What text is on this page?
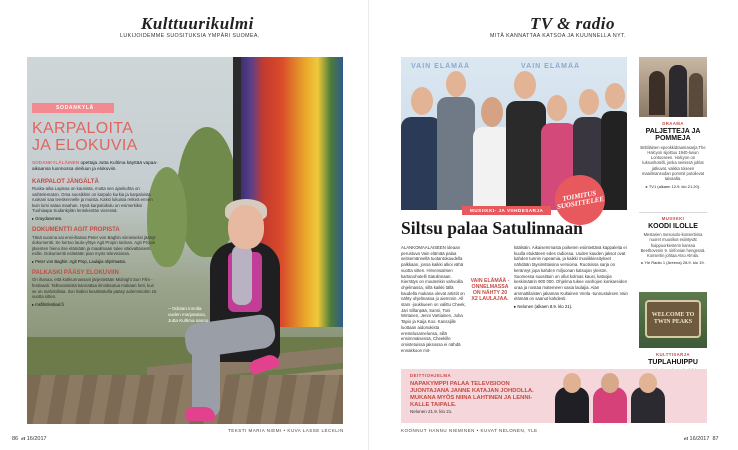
Kulttuurikulmi
LUKIJOIDEMME SUOSITUKSIA YMPÄRI SUOMEA.
SODANKYLÄ
KARPALOITA
JA ELOKUVIA
SODANKYLÄLÄINEN opettaja Jutta Kultima käyttää vapaa-aikaansa luonnossa oleiluun ja elokuviin.
KARPALOT JÄNGÄLTÄ
Ruska-aika Lapissa on kaunista, mutta sen ajankohta on vaihtelematon. Oma suosikkini on karpalo kurkia ja karpaloista ruokani saa teeskennelle ja muista. Kaksi lukuisia retkeä ennen kuin lumi sataa maahan. Hyvä karpaloikulu on esimerkiksi Tuohiaapa Sodankylän lentokentän vieressä.
▸ Graydavenew.
DOKUMENTTI AGIT PROPISTA
Tänä vuonna sai ensi-iltansa Peter von Baghin viimeiseksi jäänyt dokumentti. Se kertoo laulu-yhtye Agit Propin tarinan. Agit Propin jäsenten hieno itse elämään ja maailmaan tulee väkivaltaisesti esille. Dokumentti esitetään pian myös televisiossa.
▸ Peter von Baghin: Agit Prop, Laulajia ohjelmasta.
PALKASKI PÄÄSY ELOKUVIIN
On ihanaa, että kotikunnassani järjestetään Midnight Sun Film -festivaali. Talkootoisistä kannattaa ilmoittautua mukaan heti, kun se on mahdollista. Ilon lisäksi kesälistäolla pääsy aolemmiohin 15 vuotta sitten.
▸ msfilmfestival.fi
– Odotan innolla uuden marjasatoa, Jutta Kultima sanoo.
TEKSTI MARIA NIEMI • KUVA LASSE LECKLIN
86 et 16/2017
TV & radio
MITÄ KANNATTAA KATSOA JA KUUNNELLA NYT.
VAIN ELÄMÄÄ	VAIN ELÄMÄÄ
TOIMITUS SUOSITTELEE
MUSIIKKI- JA VIIHDESARJA
Siltsu palaa Satulinnaan
ALANKOMAALAISEEN ideaan perustuva Vain elämää palaa seitsemännellä tuotantokaudella palkkaan, jossa kaikki alkoi vähä vuotta sitten. Hirvensalmen kartanohotelli Satulinnaan. Kierrätys on muutenkin vahvoilla ohjelmassa, sillä kaikki tällä kaudella mukana olevat artistit on nähty ohjelmassa jo aiemmin. All stars -joukkueen on valittu Cheek, Jari Sillanpää, Sanni, Toni Wirtanen, Jenni Vartiainen, Juha Tapio ja Kaija Koo. Kanssjille luottaan aidonokista erestelusamelunsa, sillä ensimmäisessä, Cheekille omistetuissa jaksossa ei nähdä ennakkoon mit-
VAIN ELÄMÄÄ -ONNELMASSA ON NÄHTY 20 X2 LAULAJAA.
käälsäin. Aikaisemmasta poiketen esiintettävä kappaleita ei kuulla etukäteen edes radiossa. Uuden kauden jaksot ovat kahden tunnin rupeamia, ja kaikki musiikkiesitykset nähdään täysimittaisina versioina. Ruotsissa sarja on kerännyt jopa kahden miljoonan katsojan yleisön. Suomessa suosittuin on ollut kolmas kausi, katsojia keskimäärin 900 000. Ohjelma tukee vanhojen konkareiden uraa ja nostaa matemeen sasia laulajia. Alan ammattilaisten jakaman Kultainen Venla -tunnustuksen Vain elämää on saanut kahdesti.
▸ Nelonen (alkaen 8.9. klo 21).
DRAAMA
PALJETTEJA JA POMMEJA
Brittiläinen epookkidraamasarja The Halcyon sijoittuu 1940-luvun Lontooseen. Halcyon on luksushotelli, jonka seinissä juhlat jatkuvat, vaikka toiseen maailmansodan pommit putoilevat taivaalta.
▸ TV1 (alkaen 12.9. klo 21.20).
MUSIIKKI
KOODI ILOLLE
Mestarien mesosolo-konsertissa nuoret muusikot esiintyvät huippuorkesterin kanssa Beethovenin 9. sinfonian hengessä. Konsertin johtaa Atso Almila.
▸ Yle Radio 1 (Areena) 28.9. klo 19.
WELCOME TO TWIN PEAKS
KULTTISARJA
TUPLAHUIPPU
DEITTIOHJELMA
NAPAKYMPPI PALAA TELEVISIOON JUONTAJANA JANNE KATAJAN JOHDOLLA. MUKANA MYÖS NIINA LAHTINEN JA LENNI-KALLE TAIPALE.
Nelonen 21.9. klo 21.
KOONNUT HANNU NIEMINEN • KUVAT NELONEN, YLE
et 16/2017 87
